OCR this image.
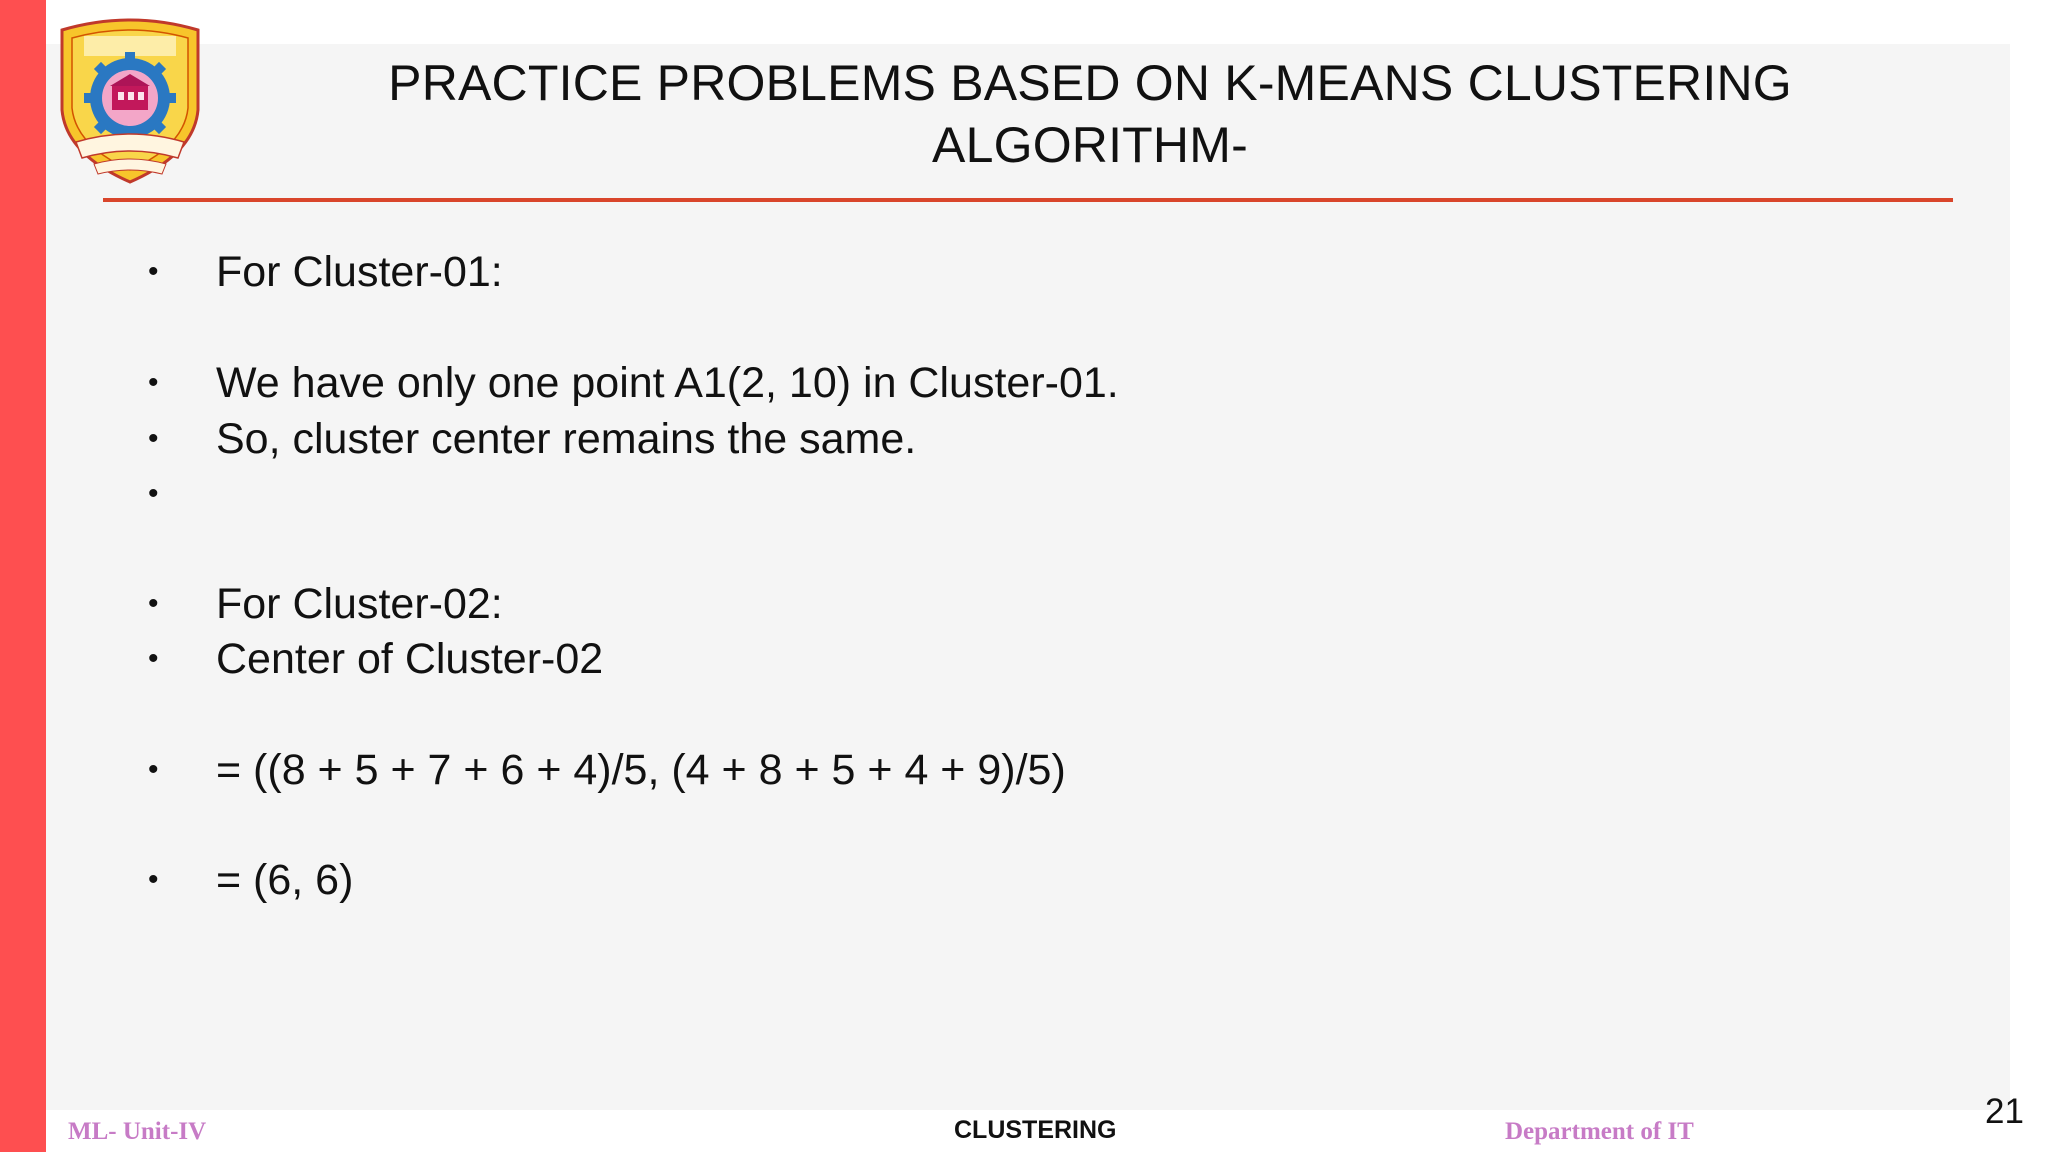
PRACTICE PROBLEMS BASED ON K-MEANS CLUSTERING
ALGORITHM-
•	For Cluster-01:
•	We have only one point A1(2, 10) in Cluster-01.
•	So, cluster center remains the same.
•
•	For Cluster-02:
•	Center of Cluster-02
•	= ((8 + 5 + 7 + 6 + 4)/5, (4 + 8 + 5 + 4 + 9)/5)
•	= (6, 6)
ML- Unit-IV	CLUSTERING	Department of IT
21
